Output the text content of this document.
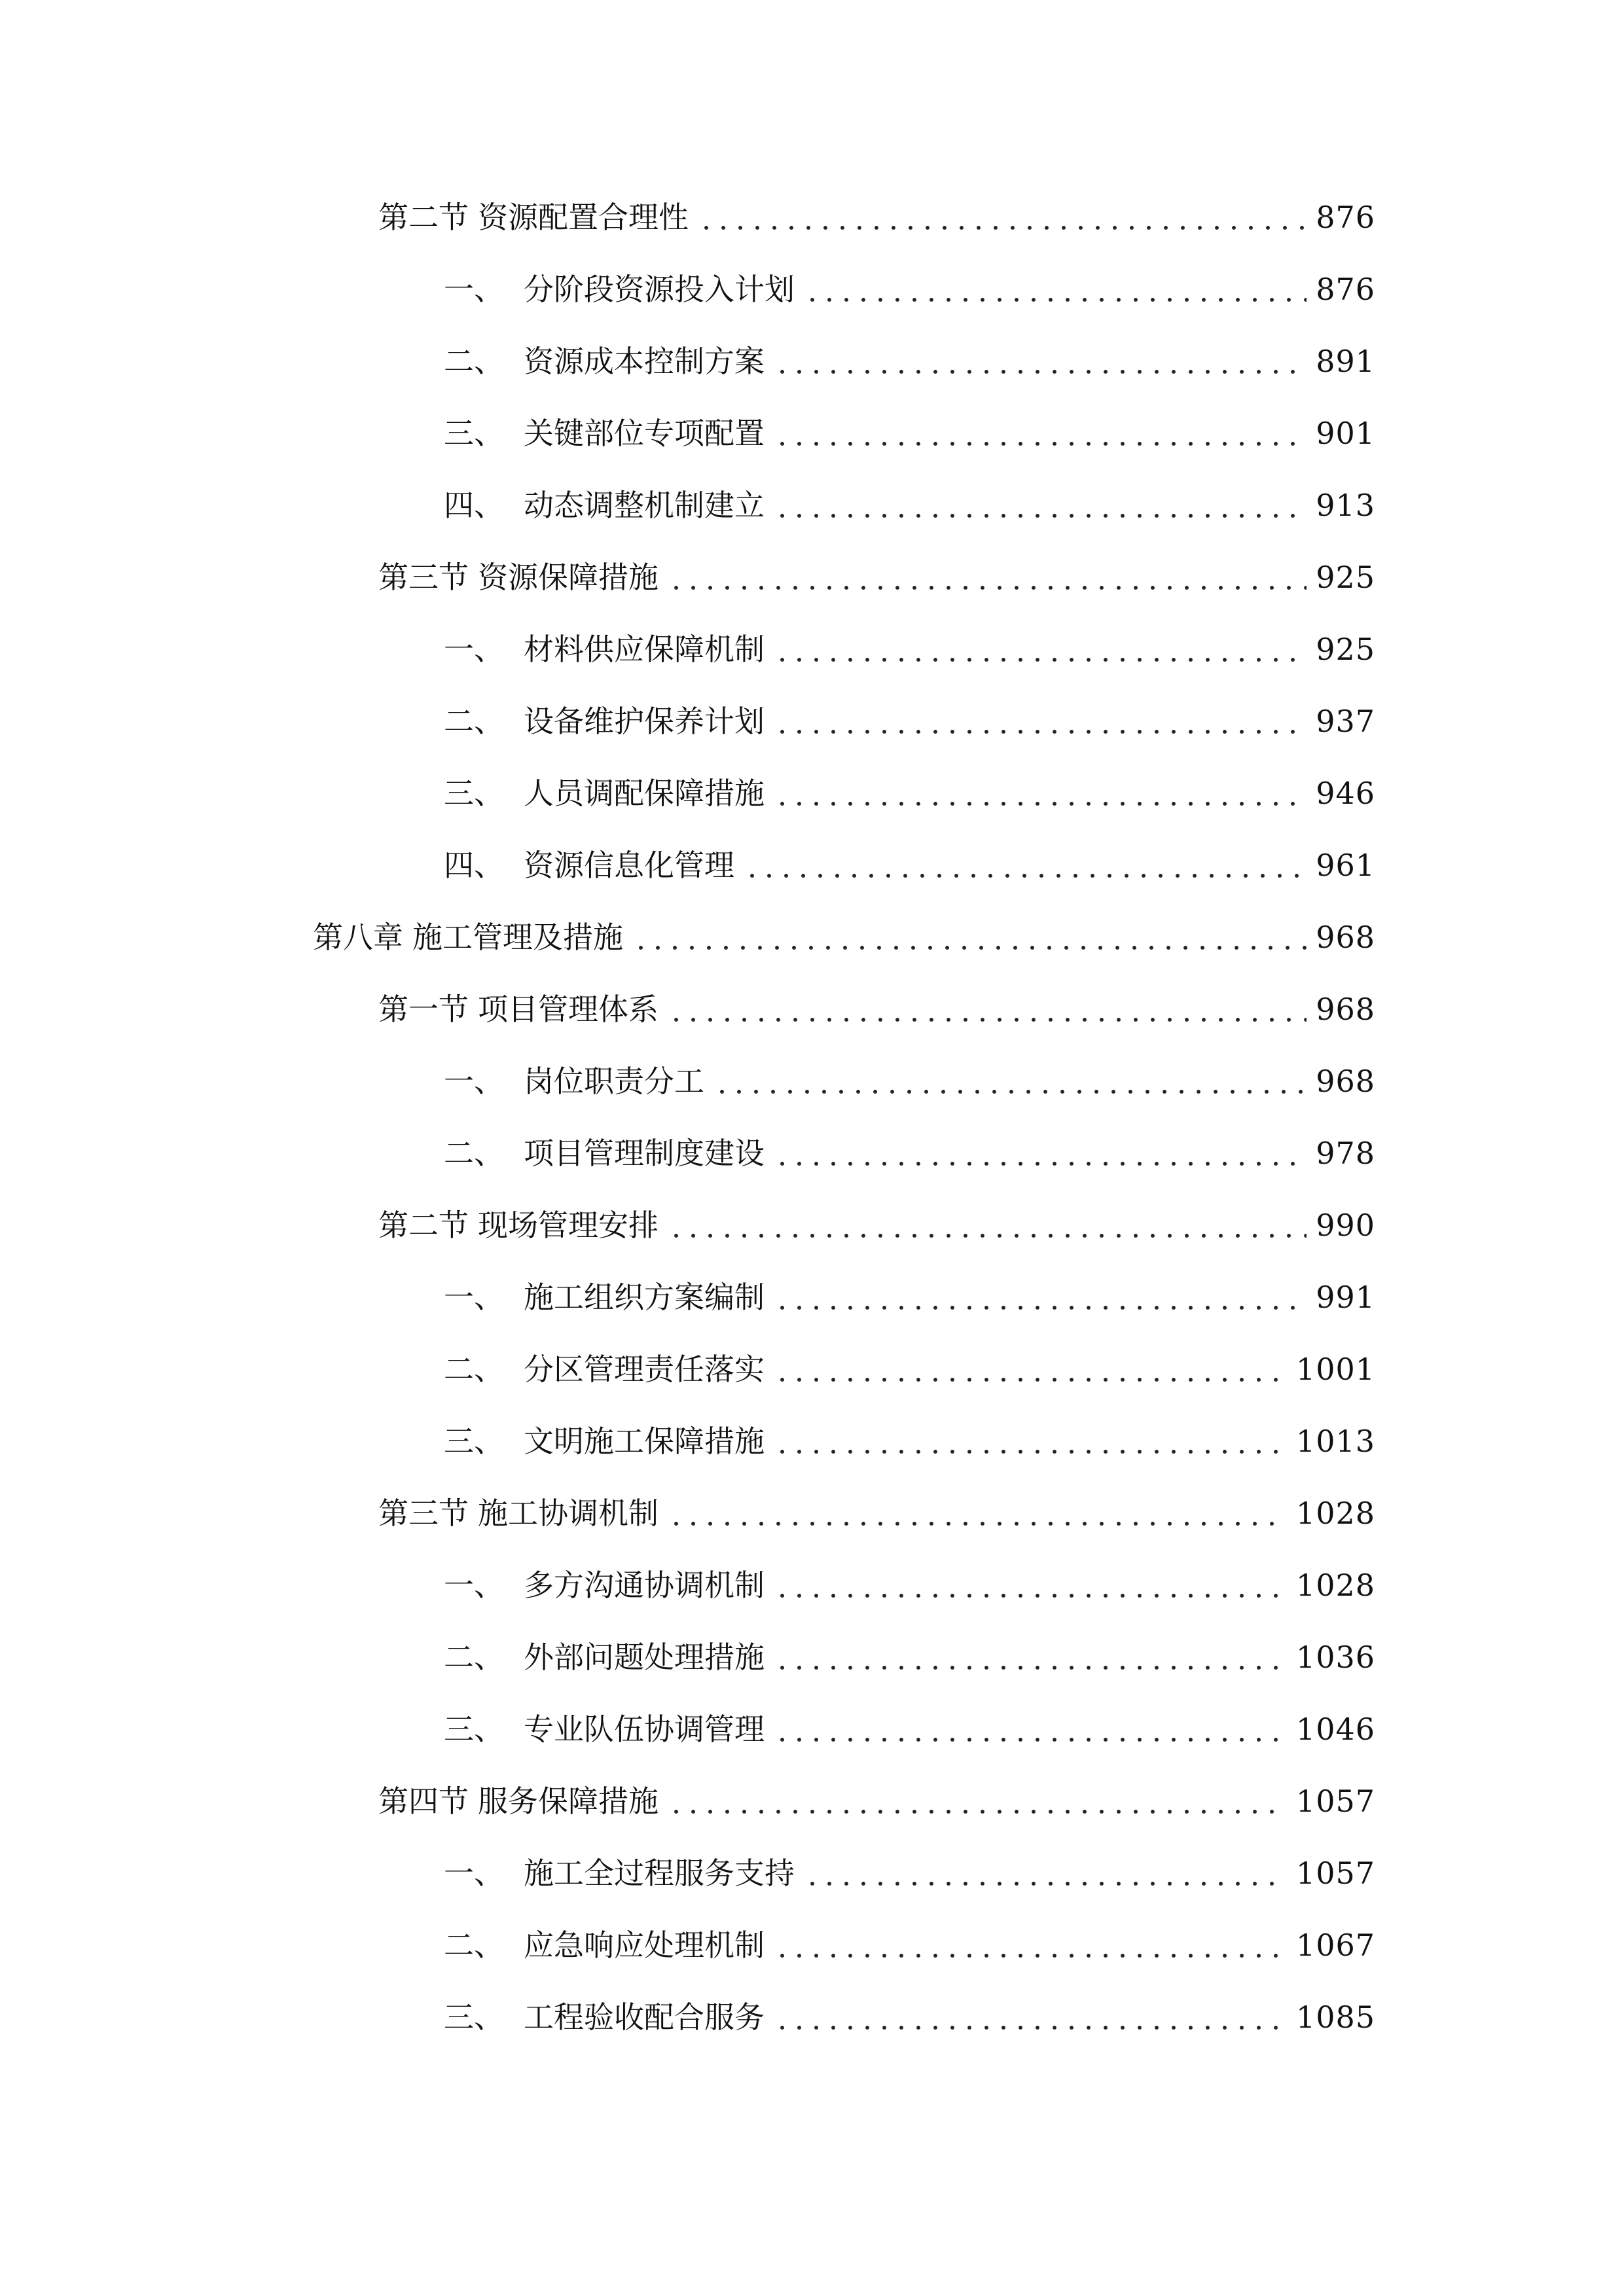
第二节 资源配置合理性	876
一、 分阶段资源投入计划	876
二、 资源成本控制方案	891
三、 关键部位专项配置	901
四、 动态调整机制建立	913
第三节 资源保障措施	925
一、 材料供应保障机制	925
二、 设备维护保养计划	937
三、 人员调配保障措施	946
四、 资源信息化管理	961
第八章 施工管理及措施	968
第一节 项目管理体系	968
一、 岗位职责分工	968
二、 项目管理制度建设	978
第二节 现场管理安排	990
一、 施工组织方案编制	991
二、 分区管理责任落实	1001
三、 文明施工保障措施	1013
第三节 施工协调机制	1028
一、 多方沟通协调机制	1028
二、 外部问题处理措施	1036
三、 专业队伍协调管理	1046
第四节 服务保障措施	1057
一、 施工全过程服务支持	1057
二、 应急响应处理机制	1067
三、 工程验收配合服务	1085
